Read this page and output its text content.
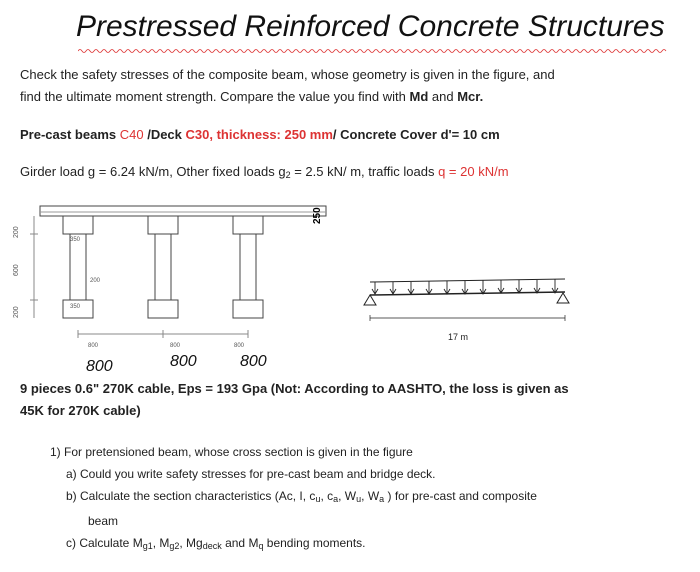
Prestressed Reinforced Concrete Structures
Check the safety stresses of the composite beam, whose geometry is given in the figure, and
find the ultimate moment strength. Compare the value you find with Md and Mcr.
Pre-cast beams C40 /Deck C30, thickness: 250 mm/ Concrete Cover d'= 10 cm
Girder load g = 6.24 kN/m, Other fixed loads $g_2 = 2.5$ kN/ m, traffic loads q = 20 kN/m
250
200
600
200
350
200
350
800	800	800
800	800	800
17 m
9 pieces 0.6" 270K cable, Eps = 193 Gpa (Not: According to AASHTO, the loss is given as
45K for 270K cable)
1) For pretensioned beam, whose cross section is given in the figure
a) Could you write safety stresses for pre-cast beam and bridge deck.
b) Calculate the section characteristics (Ac, I, $c_u$, $c_a$, $W_u$, $W_a$ ) for pre-cast and composite
beam
c) Calculate $M_{g1}$, $M_{g2}$, $Mg_{deck}$ and $M_q$ bending moments.
